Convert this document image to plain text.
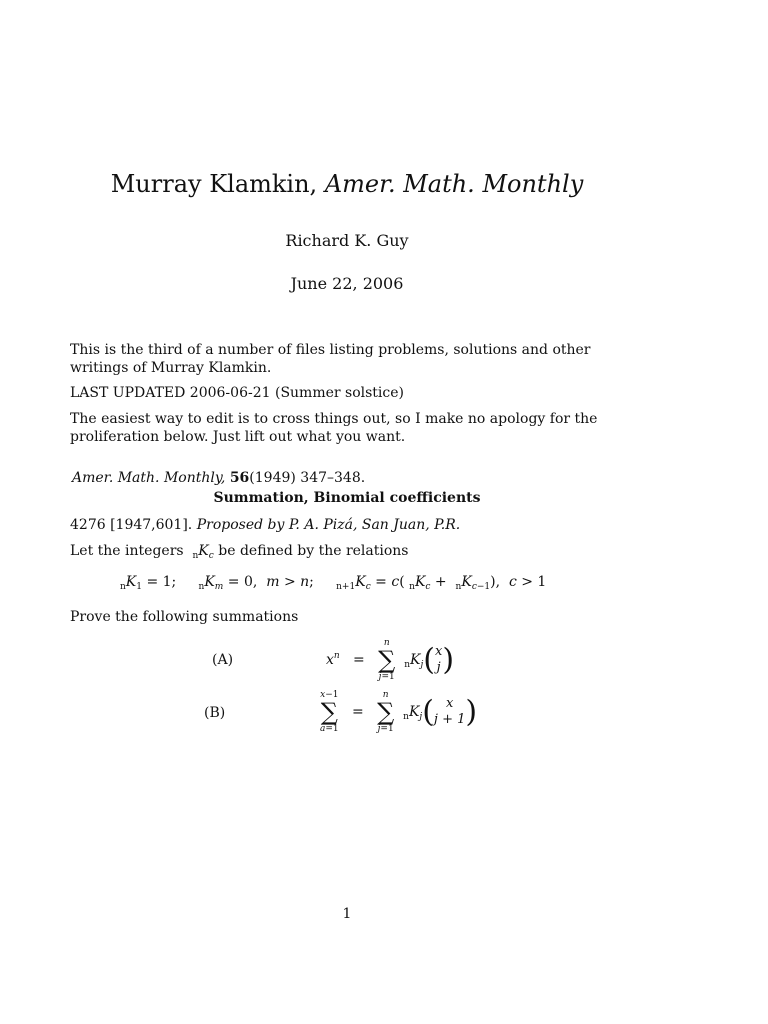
Murray Klamkin, Amer. Math. Monthly
Richard K. Guy
June 22, 2006
This is the third of a number of files listing problems, solutions and other writings of Murray Klamkin.
LAST UPDATED 2006-06-21 (Summer solstice)
The easiest way to edit is to cross things out, so I make no apology for the proliferation below. Just lift out what you want.
Amer. Math. Monthly, 56(1949) 347–348.
Summation, Binomial coefficients
4276 [1947,601]. Proposed by P. A. Pizá, San Juan, P.R.
Let the integers $_nK_c$ be defined by the relations
$_nK_1 = 1$;     $_nK_m = 0$,  m > n;     $_{n+1}K_c = c$( $_nK_c + _nK_{c-1}$),  c > 1
Prove the following summations
(A)	$x^n = n$
∑
j=1  $_nK_j(x$
j)
(B)
x−1
∑
a=1   =   n
∑
j=1  $_nK_j$( x
j + 1)
1
